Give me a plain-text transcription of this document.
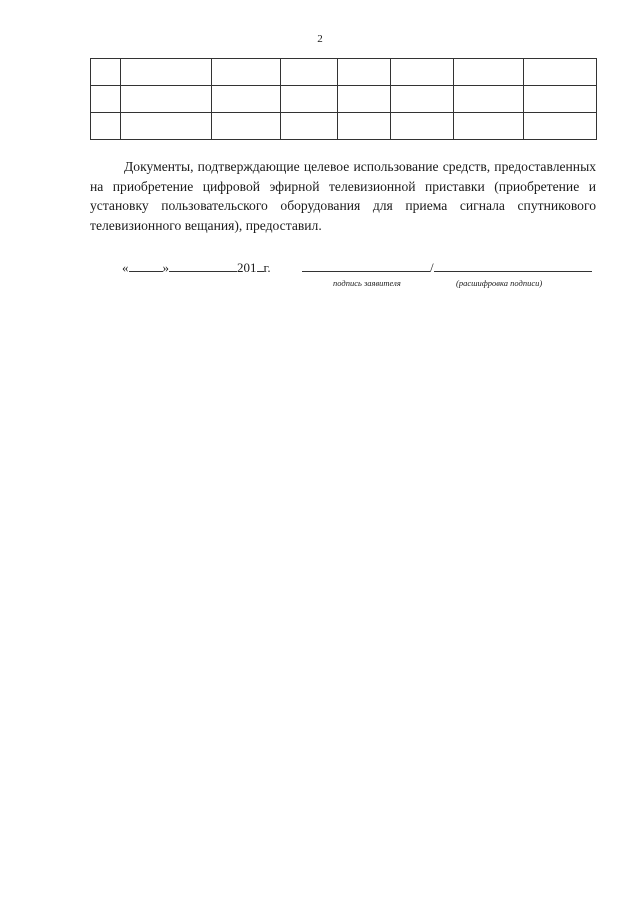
2

Документы, подтверждающие целевое использование средств, предоставленных на приобретение цифровой эфирной телевизионной приставки (приобретение и установку пользовательского оборудования для приема сигнала спутникового телевизионного вещания), предоставил.

«	»	201 г.	/
подпись заявителя	(расшифровка подписи)
